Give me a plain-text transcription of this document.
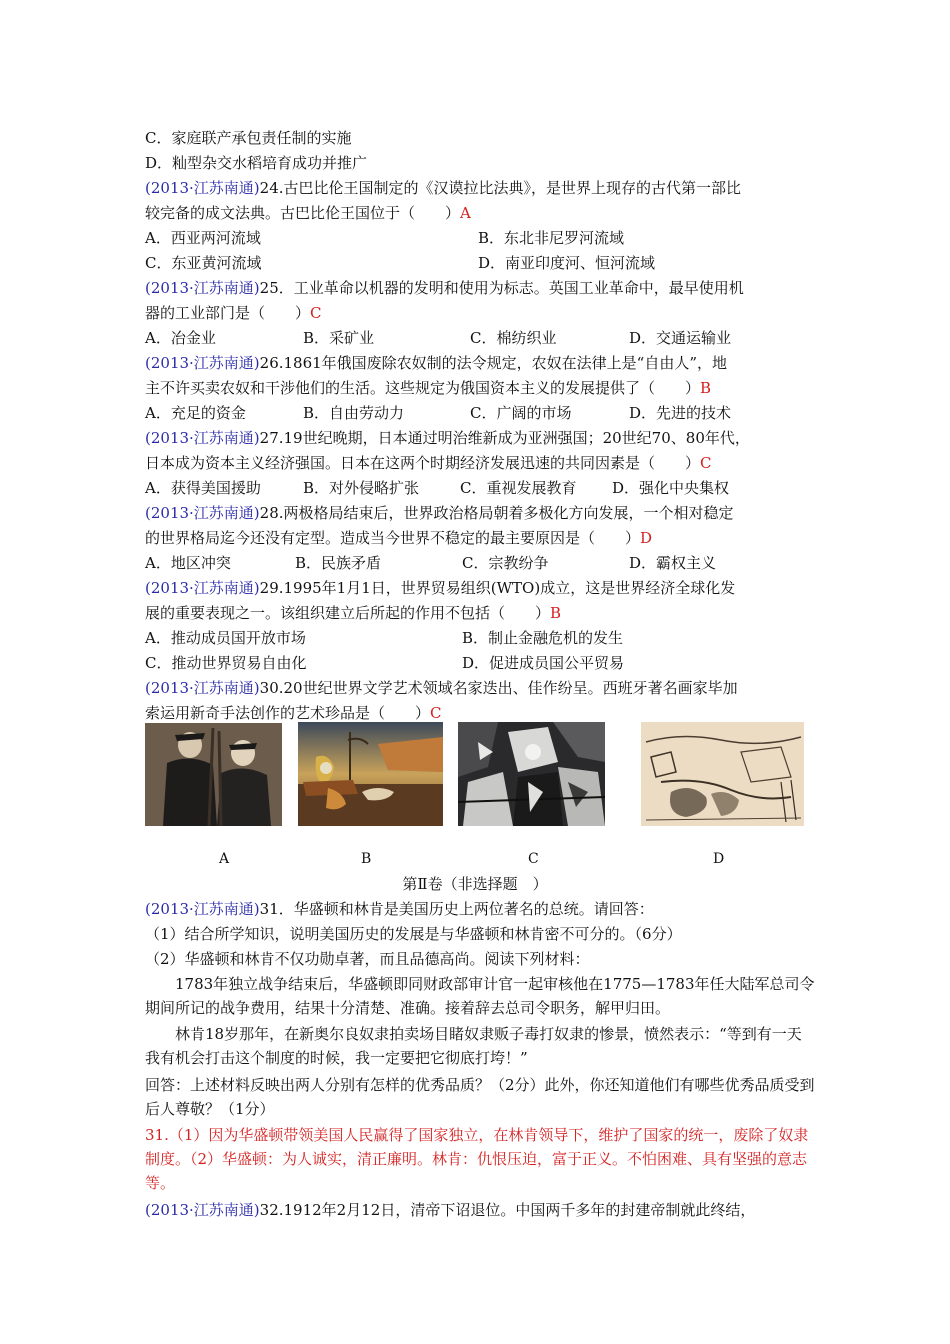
C．家庭联产承包责任制的实施
D．籼型杂交水稻培育成功并推广
(2013·江苏南通)24.古巴比伦王国制定的《汉谟拉比法典》，是世界上现存的古代第一部比
较完备的成文法典。古巴比伦王国位于（　　）A
A．西亚两河流域	B．东北非尼罗河流域
C．东亚黄河流域	D．南亚印度河、恒河流域
(2013·江苏南通)25．工业革命以机器的发明和使用为标志。英国工业革命中，最早使用机
器的工业部门是（　　）C
A．冶金业	B．采矿业	C．棉纺织业	D．交通运输业
(2013·江苏南通)26.1861年俄国废除农奴制的法令规定，农奴在法律上是“自由人”，地
主不许买卖农奴和干涉他们的生活。这些规定为俄国资本主义的发展提供了（　　）B
A．充足的资金	B．自由劳动力	C．广阔的市场	D．先进的技术
(2013·江苏南通)27.19世纪晚期，日本通过明治维新成为亚洲强国；20世纪70、80年代，
日本成为资本主义经济强国。日本在这两个时期经济发展迅速的共同因素是（　　）C
A．获得美国援助	B．对外侵略扩张	C．重视发展教育 D．强化中央集权
(2013·江苏南通)28.两极格局结束后，世界政治格局朝着多极化方向发展，一个相对稳定
的世界格局迄今还没有定型。造成当今世界不稳定的最主要原因是（　　）D
A．地区冲突	B．民族矛盾	C．宗教纷争	D．霸权主义
(2013·江苏南通)29.1995年1月1日，世界贸易组织(WTO)成立，这是世界经济全球化发
展的重要表现之一。该组织建立后所起的作用不包括（　　）B
A．推动成员国开放市场	B．制止金融危机的发生
C．推动世界贸易自由化	D．促进成员国公平贸易
(2013·江苏南通)30.20世纪世界文学艺术领域名家迭出、佳作纷呈。西班牙著名画家毕加
索运用新奇手法创作的艺术珍品是（　　）C
A	B	C	D
第Ⅱ卷（非选择题　）
(2013·江苏南通)31．华盛顿和林肯是美国历史上两位著名的总统。请回答：
（1）结合所学知识，说明美国历史的发展是与华盛顿和林肯密不可分的。（6分）
（2）华盛顿和林肯不仅功勋卓著，而且品德高尚。阅读下列材料：
1783年独立战争结束后，华盛顿即同财政部审计官一起审核他在1775—1783年任大陆军总司令期间所记的战争费用，结果十分清楚、准确。接着辞去总司令职务，解甲归田。
林肯18岁那年，在新奥尔良奴隶拍卖场目睹奴隶贩子毒打奴隶的惨景，愤然表示：“等到有一天我有机会打击这个制度的时候，我一定要把它彻底打垮！”
回答：上述材料反映出两人分别有怎样的优秀品质？（2分）此外，你还知道他们有哪些优秀品质受到后人尊敬？（1分）
31.（1）因为华盛顿带领美国人民赢得了国家独立，在林肯领导下，维护了国家的统一，废除了奴隶制度。（2）华盛顿：为人诚实，清正廉明。林肯：仇恨压迫，富于正义。不怕困难、具有坚强的意志等。
(2013·江苏南通)32.1912年2月12日，清帝下诏退位。中国两千多年的封建帝制就此终结，
